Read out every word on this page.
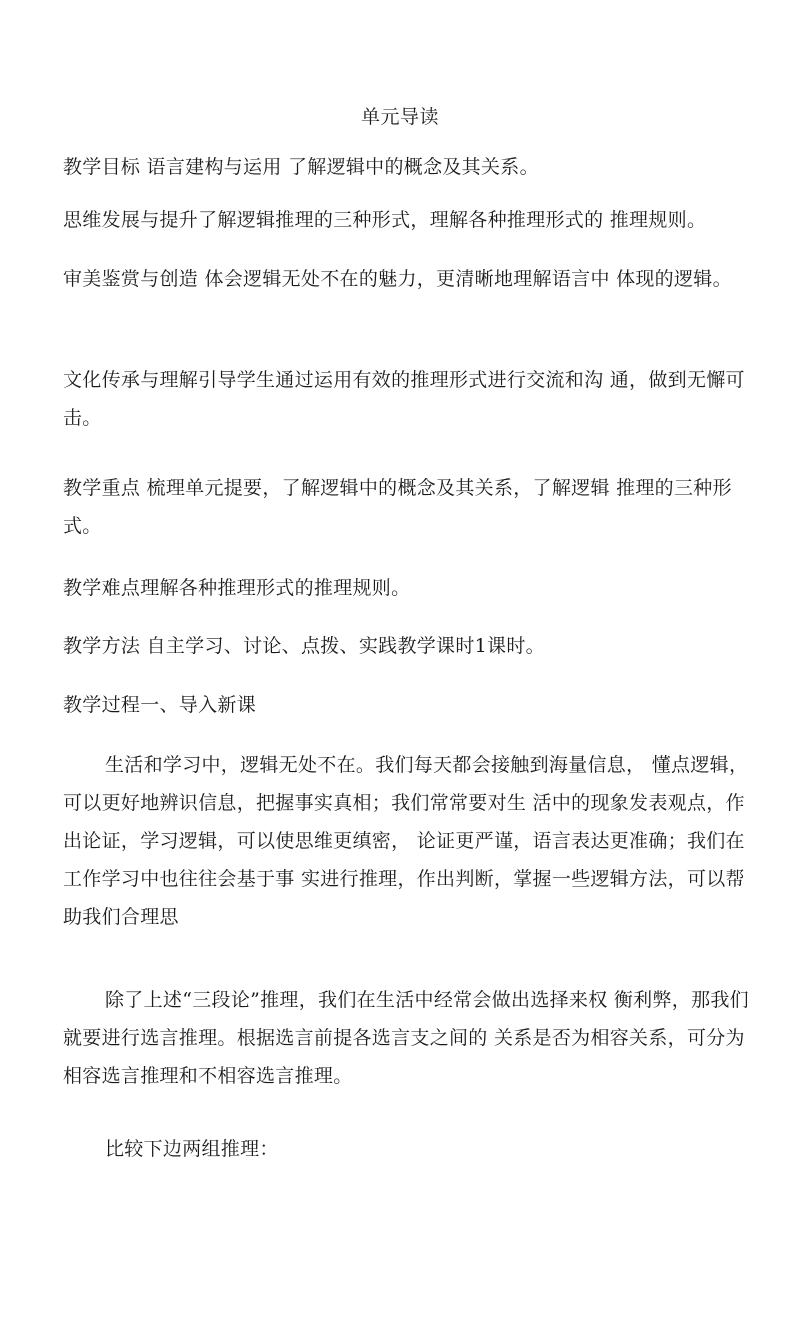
单元导读

教学目标 语言建构与运用 了解逻辑中的概念及其关系。

思维发展与提升了解逻辑推理的三种形式，理解各种推理形式的 推理规则。

审美鉴赏与创造 体会逻辑无处不在的魅力，更清晰地理解语言中 体现的逻辑。

文化传承与理解引导学生通过运用有效的推理形式进行交流和沟 通，做到无懈可击。

教学重点 梳理单元提要，了解逻辑中的概念及其关系，了解逻辑 推理的三种形式。

教学难点理解各种推理形式的推理规则。

教学方法 自主学习、讨论、点拨、实践教学课时1课时。

教学过程一、导入新课

生活和学习中，逻辑无处不在。我们每天都会接触到海量信息， 懂点逻辑，可以更好地辨识信息，把握事实真相；我们常常要对生 活中的现象发表观点，作出论证，学习逻辑，可以使思维更缜密， 论证更严谨，语言表达更准确；我们在工作学习中也往往会基于事 实进行推理，作出判断，掌握一些逻辑方法，可以帮助我们合理思

除了上述“三段论”推理，我们在生活中经常会做出选择来权 衡利弊，那我们就要进行选言推理。根据选言前提各选言支之间的 关系是否为相容关系，可分为相容选言推理和不相容选言推理。

比较下边两组推理：
